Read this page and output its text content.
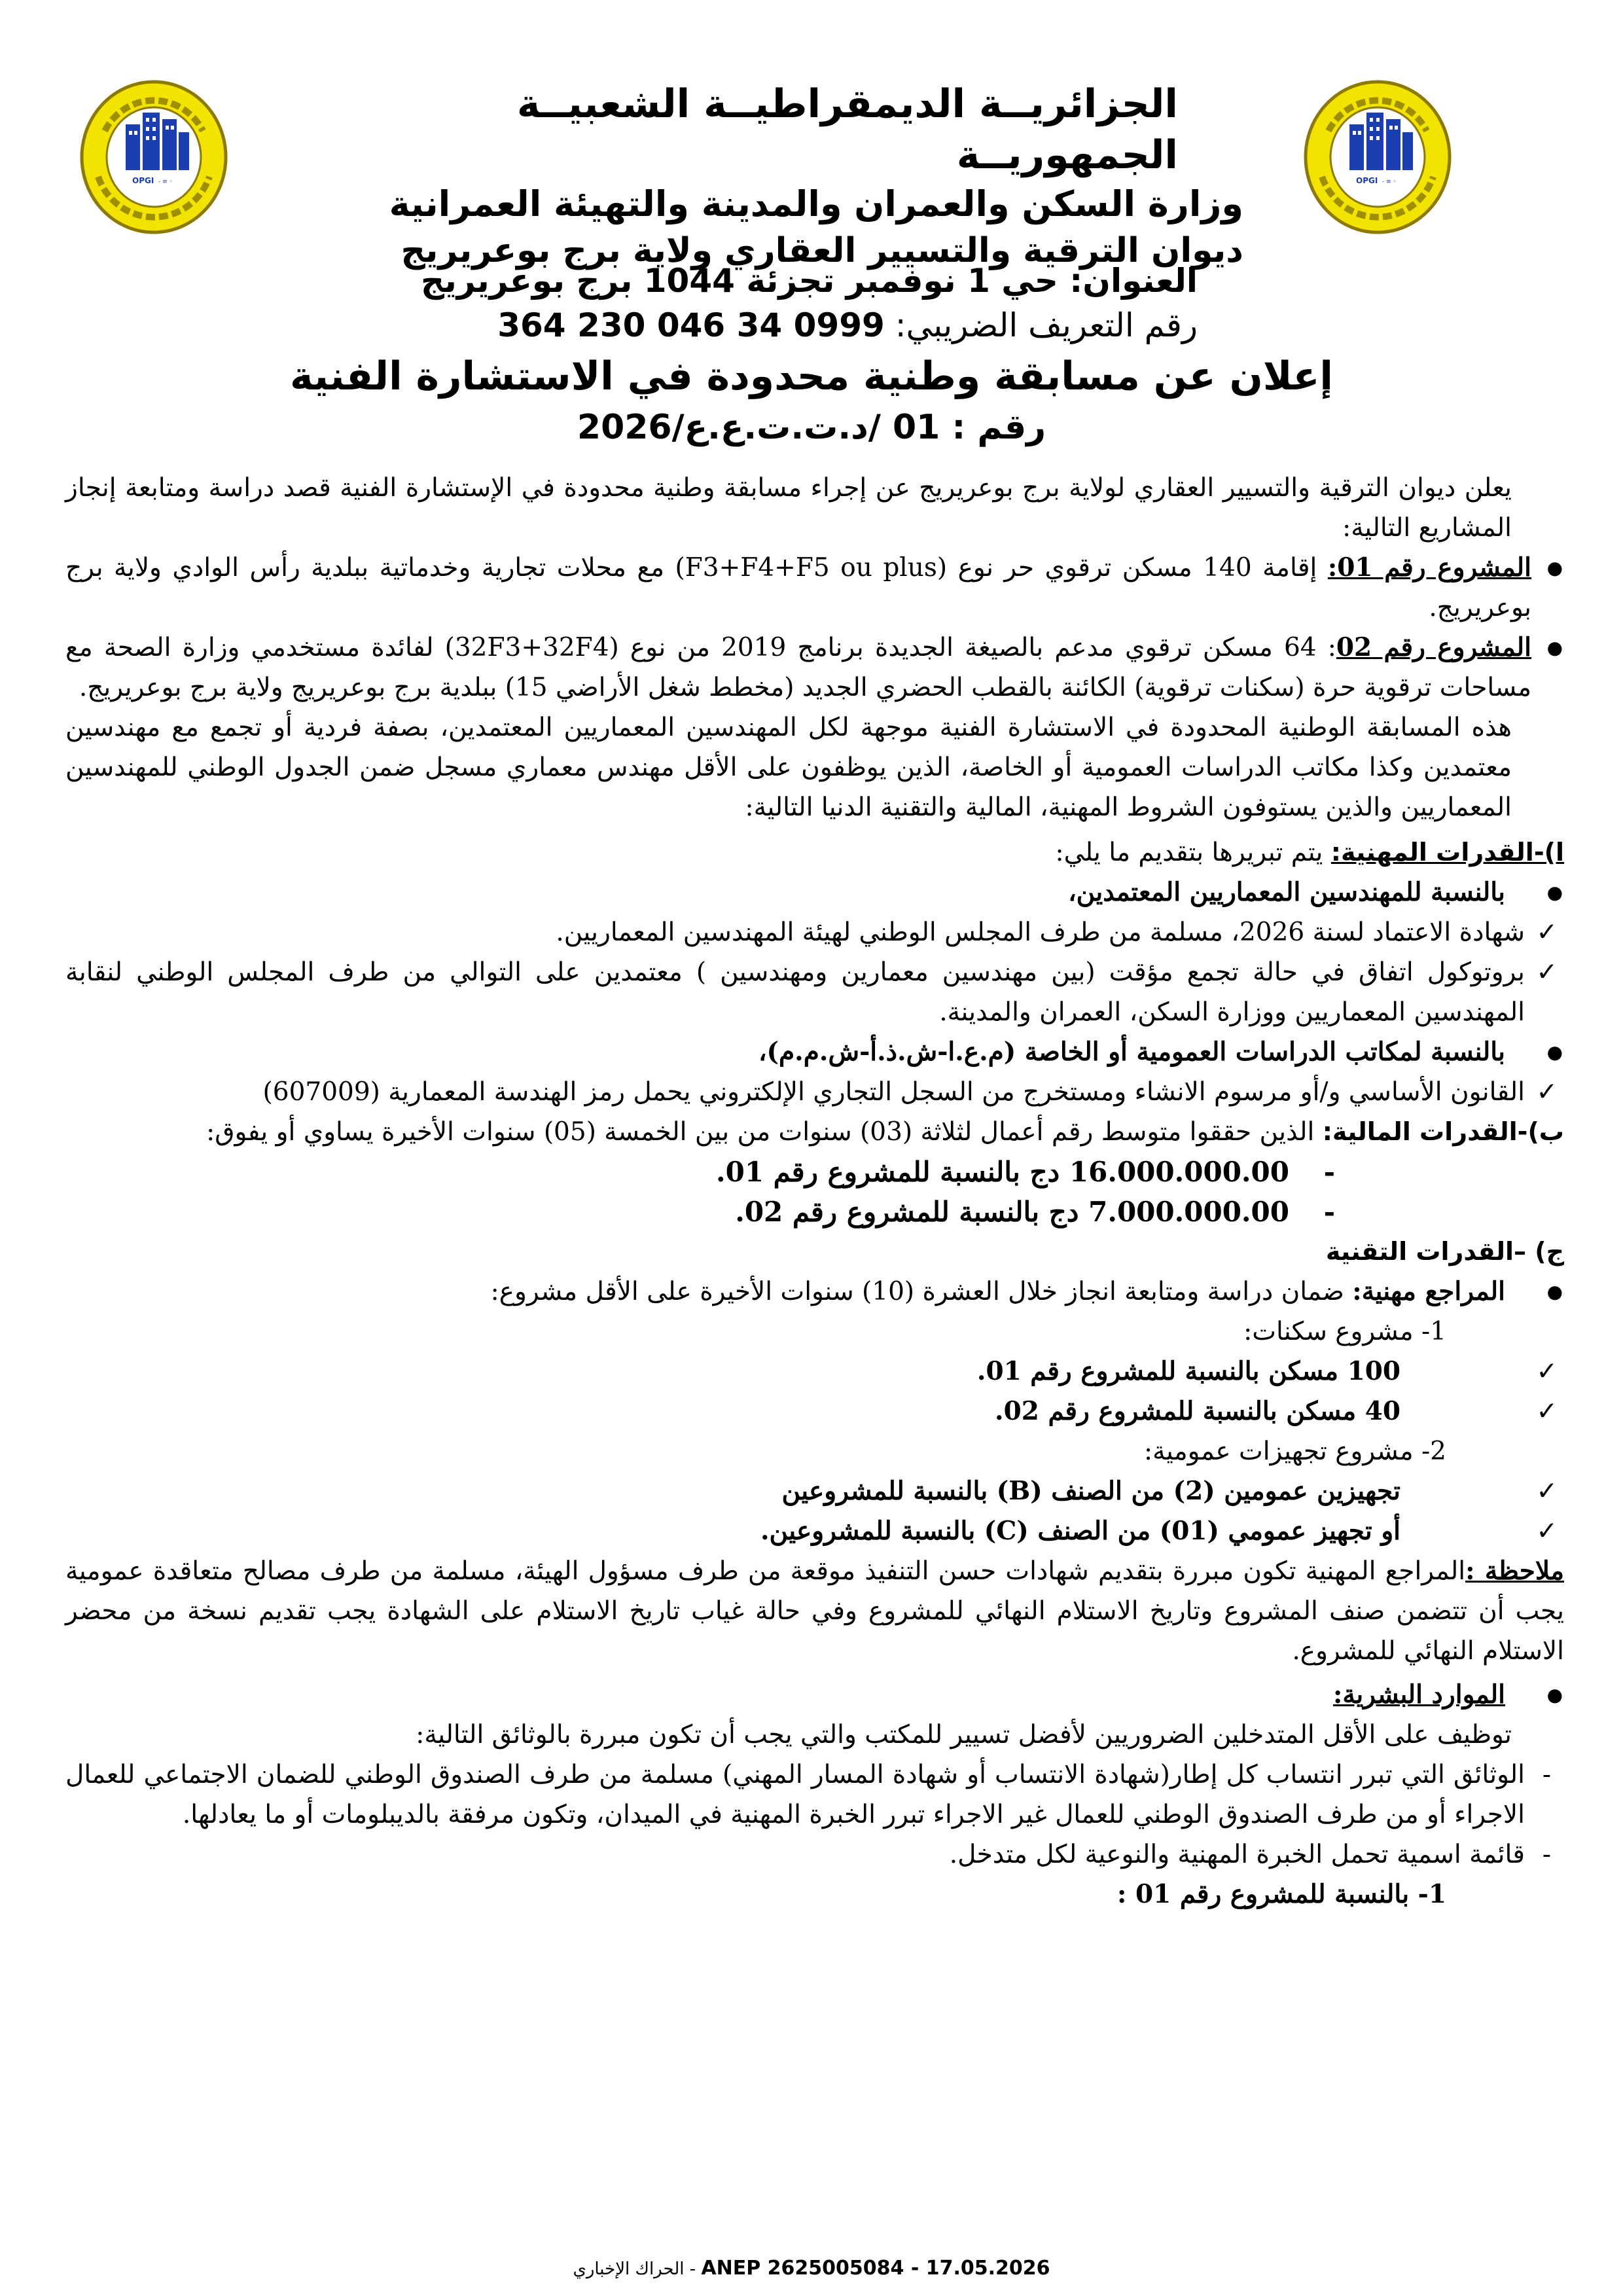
OPGI - ≡ ◦	OPGI - ≡ ◦
الجزائريــة الديمقراطيــة الشعبيــة الجمهوريــة
وزارة السكن والعمران والمدينة والتهيئة العمرانية
ديوان الترقية والتسيير العقاري ولاية برج بوعريريج
العنوان: حي 1 نوفمبر تجزئة 1044 برج بوعريريج
رقم التعريف الضريبي: 0999 34 046 230 364
إعلان عن مسابقة وطنية محدودة في الاستشارة الفنية
رقم : 01 /د.ت.ت.ع.ع/2026

يعلن ديوان الترقية والتسيير العقاري لولاية برج بوعريريج عن إجراء مسابقة وطنية محدودة في الإستشارة الفنية قصد دراسة ومتابعة إنجاز المشاريع التالية:

● المشروع رقم 01: إقامة 140 مسكن ترقوي حر نوع (F3+F4+F5 ou plus) مع محلات تجارية وخدماتية ببلدية رأس الوادي ولاية برج بوعريريج.

● المشروع رقم 02: 64 مسكن ترقوي مدعم بالصيغة الجديدة برنامج 2019 من نوع (32F3+32F4) لفائدة مستخدمي وزارة الصحة مع مساحات ترقوية حرة (سكنات ترقوية) الكائنة بالقطب الحضري الجديد (مخطط شغل الأراضي 15) ببلدية برج بوعريريج ولاية برج بوعريريج.

هذه المسابقة الوطنية المحدودة في الاستشارة الفنية موجهة لكل المهندسين المعماريين المعتمدين، بصفة فردية أو تجمع مع مهندسين معتمدين وكذا مكاتب الدراسات العمومية أو الخاصة، الذين يوظفون على الأقل مهندس معماري مسجل ضمن الجدول الوطني للمهندسين المعماريين والذين يستوفون الشروط المهنية، المالية والتقنية الدنيا التالية:

ا)-القدرات المهنية: يتم تبريرها بتقديم ما يلي:

● بالنسبة للمهندسين المعماريين المعتمدين،

✓ شهادة الاعتماد لسنة 2026، مسلمة من طرف المجلس الوطني لهيئة المهندسين المعماريين.

✓ بروتوكول اتفاق في حالة تجمع مؤقت (بين مهندسين معمارين ومهندسين ) معتمدين على التوالي من طرف المجلس الوطني لنقابة المهندسين المعماريين ووزارة السكن، العمران والمدينة.

● بالنسبة لمكاتب الدراسات العمومية أو الخاصة (م.ع.ا-ش.ذ.أ-ش.م.م)،

✓ القانون الأساسي و/أو مرسوم الانشاء ومستخرج من السجل التجاري الإلكتروني يحمل رمز الهندسة المعمارية (607009)

ب)-القدرات المالية: الذين حققوا متوسط رقم أعمال لثلاثة (03) سنوات من بين الخمسة (05) سنوات الأخيرة يساوي أو يفوق:

- 16.000.000.00 دج بالنسبة للمشروع رقم 01.

- 7.000.000.00 دج بالنسبة للمشروع رقم 02.

ج) –القدرات التقنية

● المراجع مهنية: ضمان دراسة ومتابعة انجاز خلال العشرة (10) سنوات الأخيرة على الأقل مشروع:

1- مشروع سكنات:

✓ 100 مسكن بالنسبة للمشروع رقم 01.

✓ 40 مسكن بالنسبة للمشروع رقم 02.

2- مشروع تجهيزات عمومية:

✓ تجهيزين عمومين (2) من الصنف (B) بالنسبة للمشروعين

✓ أو تجهيز عمومي (01) من الصنف (C) بالنسبة للمشروعين.

ملاحظة :المراجع المهنية تكون مبررة بتقديم شهادات حسن التنفيذ موقعة من طرف مسؤول الهيئة، مسلمة من طرف مصالح متعاقدة عمومية يجب أن تتضمن صنف المشروع وتاريخ الاستلام النهائي للمشروع وفي حالة غياب تاريخ الاستلام على الشهادة يجب تقديم نسخة من محضر الاستلام النهائي للمشروع.

● الموارد البشرية:

توظيف على الأقل المتدخلين الضروريين لأفضل تسيير للمكتب والتي يجب أن تكون مبررة بالوثائق التالية:

- الوثائق التي تبرر انتساب كل إطار(شهادة الانتساب أو شهادة المسار المهني) مسلمة من طرف الصندوق الوطني للضمان الاجتماعي للعمال الاجراء أو من طرف الصندوق الوطني للعمال غير الاجراء تبرر الخبرة المهنية في الميدان، وتكون مرفقة بالديبلومات أو ما يعادلها.

- قائمة اسمية تحمل الخبرة المهنية والنوعية لكل متدخل.

1- بالنسبة للمشروع رقم 01 :

الحراك الإخباري - ANEP 2625005084 - 17.05.2026
